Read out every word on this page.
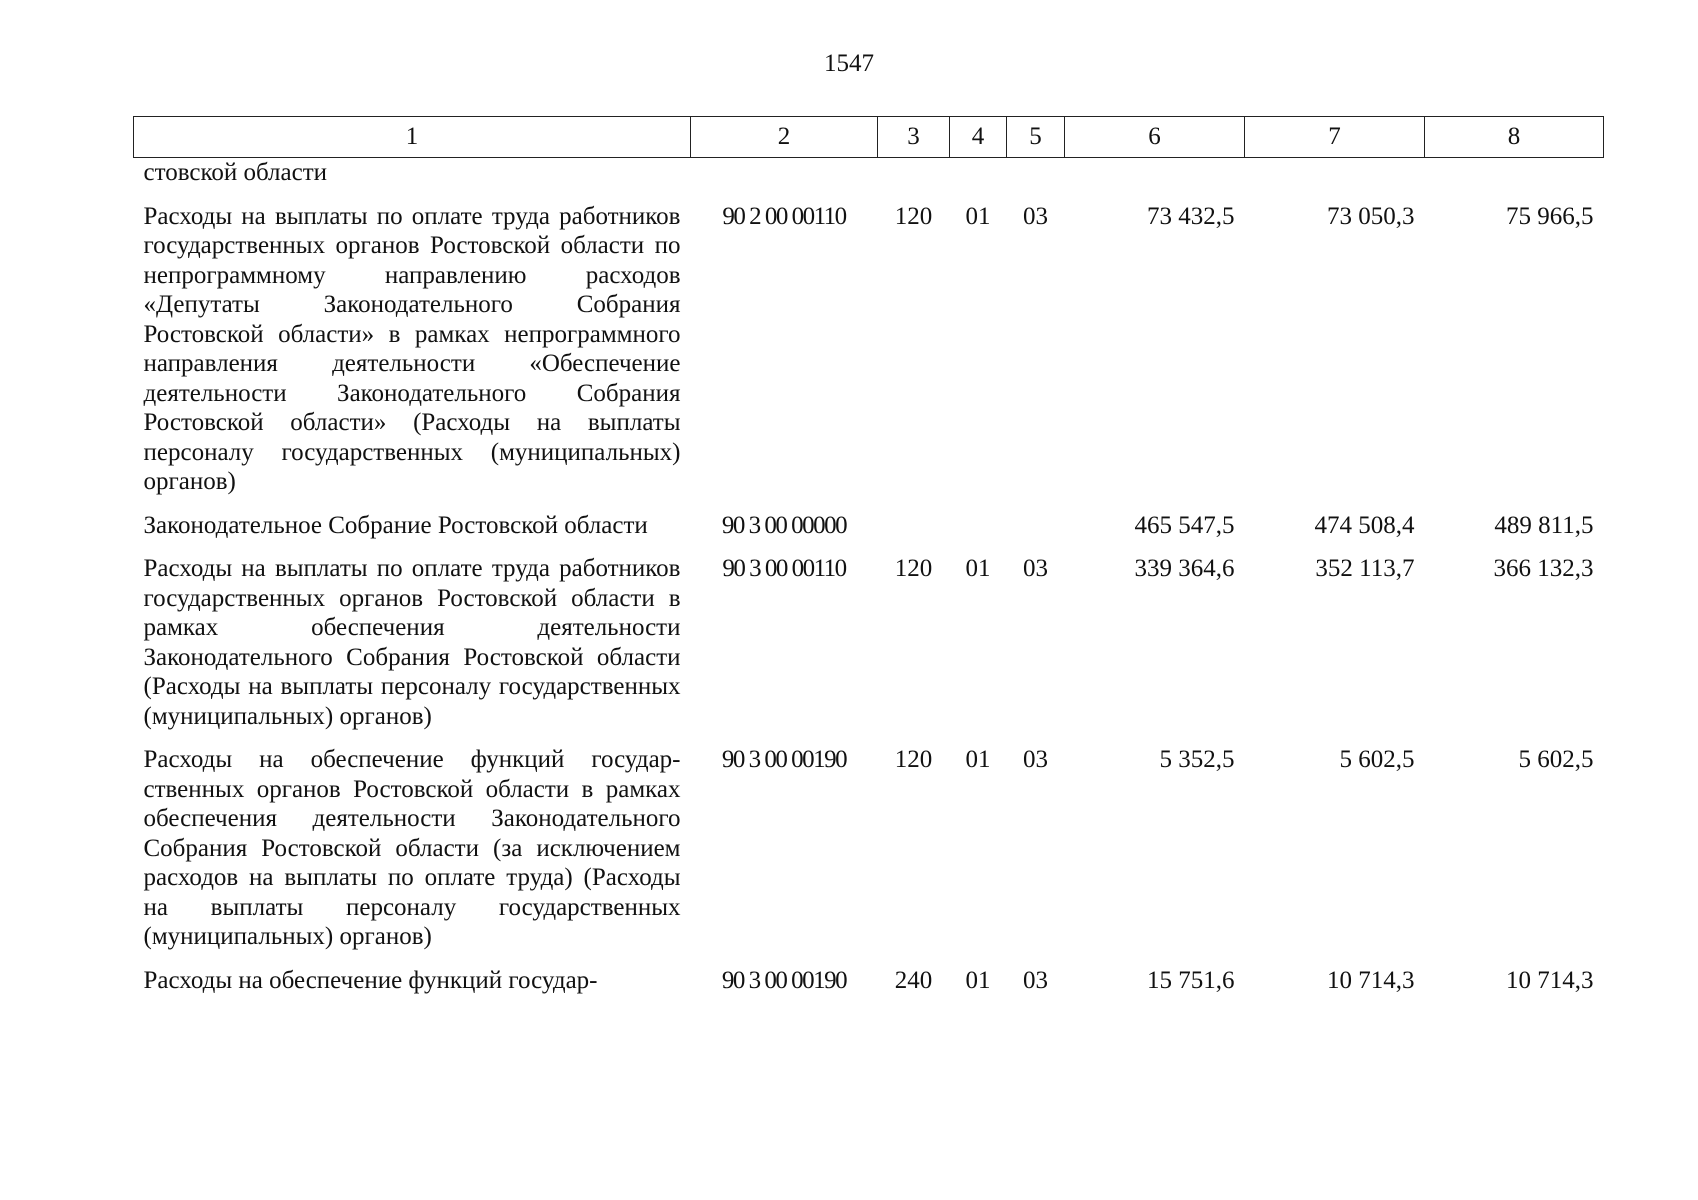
1547
1	2	3	4	5	6	7	8
стовской области							
Расходы на выплаты по оплате труда работников государственных органов Ростовской области по непрограммному направлению расходов «Депутаты Законодательного Собрания Ростовской области» в рамках непрограммного направления деятельности «Обеспечение деятельности Законодательного Собрания Ростовской области» (Расходы на выплаты персоналу государственных (муниципальных) органов)	90 2 00 00110	120	01	03	73 432,5	73 050,3	75 966,5
Законодательное Собрание Ростовской области	90 3 00 00000				465 547,5	474 508,4	489 811,5
Расходы на выплаты по оплате труда работников государственных органов Ростовской области в рамках обеспечения деятельности Законодательного Собрания Ростовской области (Расходы на выплаты персоналу государственных (муниципальных) органов)	90 3 00 00110	120	01	03	339 364,6	352 113,7	366 132,3
Расходы на обеспечение функций государственных органов Ростовской области в рамках обеспечения деятельности Законодательного Собрания Ростовской области (за исключением расходов на выплаты по оплате труда) (Расходы на выплаты персоналу государственных (муниципальных) органов)	90 3 00 00190	120	01	03	5 352,5	5 602,5	5 602,5
Расходы на обеспечение функций государ-	90 3 00 00190	240	01	03	15 751,6	10 714,3	10 714,3
